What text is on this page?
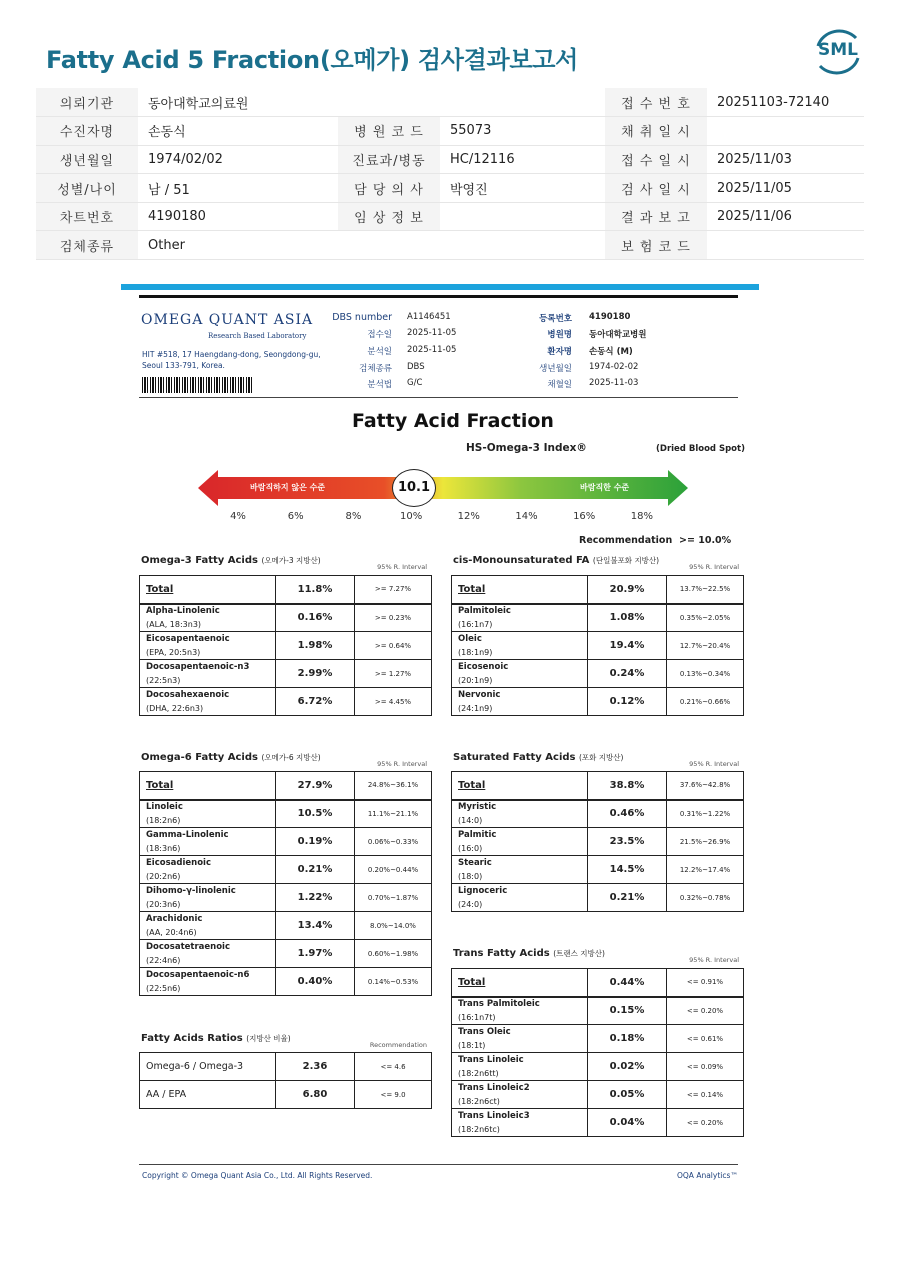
Fatty Acid 5 Fraction(오메가) 검사결과보고서	SML
의뢰기관	동아대학교의료원			접 수 번 호	20251103-72140
수진자명	손동식	병 원 코 드	55073	채 취 일 시	
생년월일	1974/02/02	진료과/병동	HC/12116	접 수 일 시	2025/11/03
성별/나이	남 / 51	담 당 의 사	박영진	검 사 일 시	2025/11/05
차트번호	4190180	임 상 정 보		결 과 보 고	2025/11/06
검체종류	Other			보 험 코 드	
OMEGA QUANT ASIA
Research Based Laboratory
HIT #518, 17 Haengdang-dong, Seongdong-gu, Seoul 133-791, Korea.
DBS number A1146451
접수일 2025-11-05
분석일 2025-11-05
검체종류 DBS
분석법 G/C
등록번호 4190180
병원명 동아대학교병원
환자명 손동식 (M)
생년월일 1974-02-02
채혈일 2025-11-03
Fatty Acid Fraction
HS-Omega-3 Index®	(Dried Blood Spot)
바람직하지 않은 수준	바람직한 수준
10.1
4%	6%	8%	10%	12%	14%	16%	18%
Recommendation >= 10.0%
Omega-3 Fatty Acids (오메가-3 지방산)
95% R. Interval
Total	11.8%	>= 7.27%

Alpha-Linolenic
(ALA, 18:3n3)	0.16%	>= 0.23%

Eicosapentaenoic
(EPA, 20:5n3)	1.98%	>= 0.64%

Docosapentaenoic-n3
(22:5n3)	2.99%	>= 1.27%

Docosahexaenoic
(DHA, 22:6n3)	6.72%	>= 4.45%
cis-Monounsaturated FA (단일불포화 지방산)
95% R. Interval
Total	20.9%	13.7%~22.5%

Palmitoleic
(16:1n7)	1.08%	0.35%~2.05%

Oleic
(18:1n9)	19.4%	12.7%~20.4%

Eicosenoic
(20:1n9)	0.24%	0.13%~0.34%

Nervonic
(24:1n9)	0.12%	0.21%~0.66%
Omega-6 Fatty Acids (오메가-6 지방산)
95% R. Interval
Total	27.9%	24.8%~36.1%

Linoleic
(18:2n6)	10.5%	11.1%~21.1%

Gamma-Linolenic
(18:3n6)	0.19%	0.06%~0.33%

Eicosadienoic
(20:2n6)	0.21%	0.20%~0.44%

Dihomo-γ-linolenic
(20:3n6)	1.22%	0.70%~1.87%

Arachidonic
(AA, 20:4n6)	13.4%	8.0%~14.0%

Docosatetraenoic
(22:4n6)	1.97%	0.60%~1.98%

Docosapentaenoic-n6
(22:5n6)	0.40%	0.14%~0.53%
Saturated Fatty Acids (포화 지방산)
95% R. Interval
Total	38.8%	37.6%~42.8%

Myristic
(14:0)	0.46%	0.31%~1.22%

Palmitic
(16:0)	23.5%	21.5%~26.9%

Stearic
(18:0)	14.5%	12.2%~17.4%

Lignoceric
(24:0)	0.21%	0.32%~0.78%
Trans Fatty Acids (트랜스 지방산)
95% R. Interval
Total	0.44%	<= 0.91%

Trans Palmitoleic
(16:1n7t)	0.15%	<= 0.20%

Trans Oleic
(18:1t)	0.18%	<= 0.61%

Trans Linoleic
(18:2n6tt)	0.02%	<= 0.09%

Trans Linoleic2
(18:2n6ct)	0.05%	<= 0.14%

Trans Linoleic3
(18:2n6tc)	0.04%	<= 0.20%
Fatty Acids Ratios (지방산 비율)
Recommendation
Omega-6 / Omega-3	2.36	<= 4.6
AA / EPA	6.80	<= 9.0
Copyright © Omega Quant Asia Co., Ltd. All Rights Reserved.	OQA Analytics™
